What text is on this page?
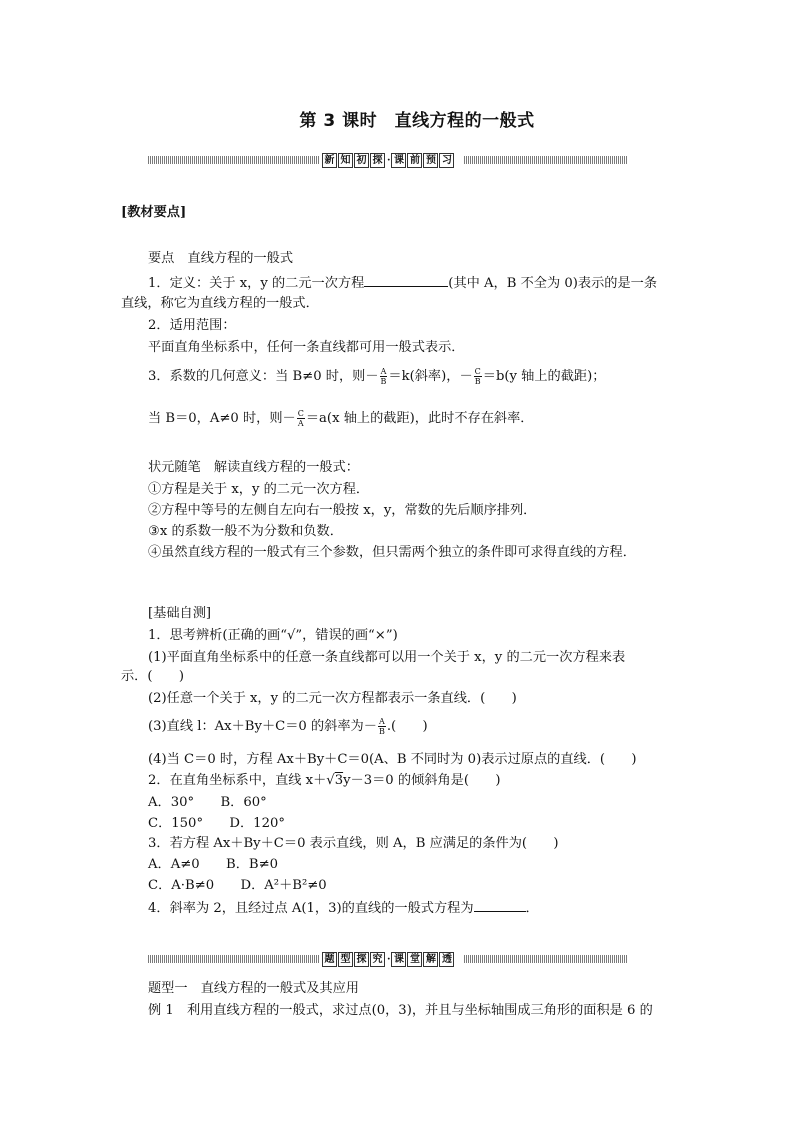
第 3 课时　直线方程的一般式
新 知 初 探 · 课 前 预 习

[教材要点]

要点　直线方程的一般式

1．定义：关于 x，y 的二元一次方程	(其中 A，B 不全为 0)表示的是一条

直线，称它为直线方程的一般式．

2．适用范围：

平面直角坐标系中，任何一条直线都可用一般式表示．

3．系数的几何意义：当 B≠0 时，则－ $\frac{A}{B} =k$(斜率)，－ $\frac{C}{B} =b(y$ 轴上的截距)；

当 B＝0，A≠0 时，则－ $\frac{C}{A} =a(x$ 轴上的截距)，此时不存在斜率．

状元随笔　解读直线方程的一般式：

①方程是关于 x，y 的二元一次方程．

②方程中等号的左侧自左向右一般按 x，y，常数的先后顺序排列．

③x 的系数一般不为分数和负数．

④虽然直线方程的一般式有三个参数，但只需两个独立的条件即可求得直线的方程．

[基础自测]

1．思考辨析(正确的画“√”，错误的画“×”)

(1)平面直角坐标系中的任意一条直线都可以用一个关于 x，y 的二元一次方程来表

示．(　　)

(2)任意一个关于 x，y 的二元一次方程都表示一条直线．(　　)

(3)直线 l：Ax＋By＋C＝0 的斜率为－ $\frac{A}{B}$ .(　　)

(4)当 C＝0 时，方程 Ax＋By＋C＝0(A、B 不同时为 0)表示过原点的直线．(　　)

2．在直角坐标系中，直线 x＋√3y－3＝0 的倾斜角是(　　)

A．30°　　B．60°

C．150°　　D．120°

3．若方程 Ax＋By＋C＝0 表示直线，则 A，B 应满足的条件为(　　)

A．A≠0　　B．B≠0

C．A·B≠0　　D．A²＋B²≠0

4．斜率为 2，且经过点 A(1，3)的直线的一般式方程为	．

题 型 探 究 · 课 堂 解 透

题型一　直线方程的一般式及其应用

例 1　利用直线方程的一般式，求过点(0，3)，并且与坐标轴围成三角形的面积是 6 的
